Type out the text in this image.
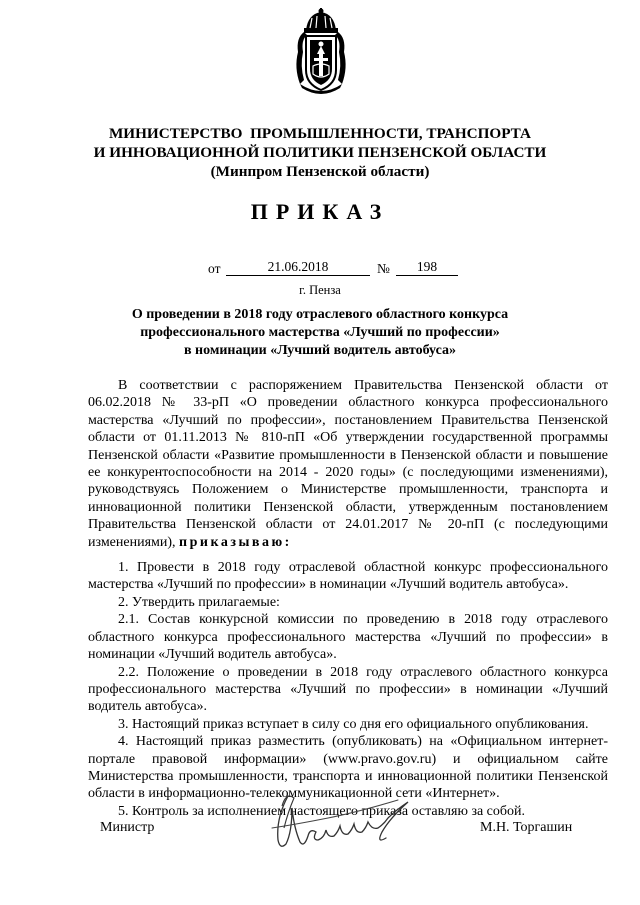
МИНИСТЕРСТВО  ПРОМЫШЛЕННОСТИ, ТРАНСПОРТА
И ИННОВАЦИОННОЙ ПОЛИТИКИ ПЕНЗЕНСКОЙ ОБЛАСТИ
(Минпром Пензенской области)
ПРИКАЗ
от	21.06.2018	№	198
г. Пенза
О проведении в 2018 году отраслевого областного конкурса
профессионального мастерства «Лучший по профессии»
в номинации «Лучший водитель автобуса»

В соответствии с распоряжением Правительства Пензенской области от 06.02.2018 № 33-рП «О проведении областного конкурса профессионального мастерства «Лучший по профессии», постановлением Правительства Пензенской области от 01.11.2013 № 810-пП «Об утверждении государственной программы Пензенской области «Развитие промышленности в Пензенской области и повышение ее конкурентоспособности на 2014 - 2020 годы» (с последующими изменениями), руководствуясь Положением о Министерстве промышленности, транспорта и инновационной политики Пензенской области, утвержденным постановлением Правительства Пензенской области от 24.01.2017 № 20-пП (с последующими изменениями), приказываю:

1. Провести в 2018 году отраслевой областной конкурс профессионального мастерства «Лучший по профессии» в номинации «Лучший водитель автобуса».

2. Утвердить прилагаемые:

2.1. Состав конкурсной комиссии по проведению в 2018 году отраслевого областного конкурса профессионального мастерства «Лучший по профессии» в номинации «Лучший водитель автобуса».

2.2. Положение о проведении в 2018 году отраслевого областного конкурса профессионального мастерства «Лучший по профессии» в номинации «Лучший водитель автобуса».

3. Настоящий приказ вступает в силу со дня его официального опубликования.

4. Настоящий приказ разместить (опубликовать) на «Официальном интернет-портале правовой информации» (www.pravo.gov.ru) и официальном сайте Министерства промышленности, транспорта и инновационной политики Пензенской области в информационно-телекоммуникационной сети «Интернет».

5. Контроль за исполнением настоящего приказа оставляю за собой.

Министр	М.Н. Торгашин
